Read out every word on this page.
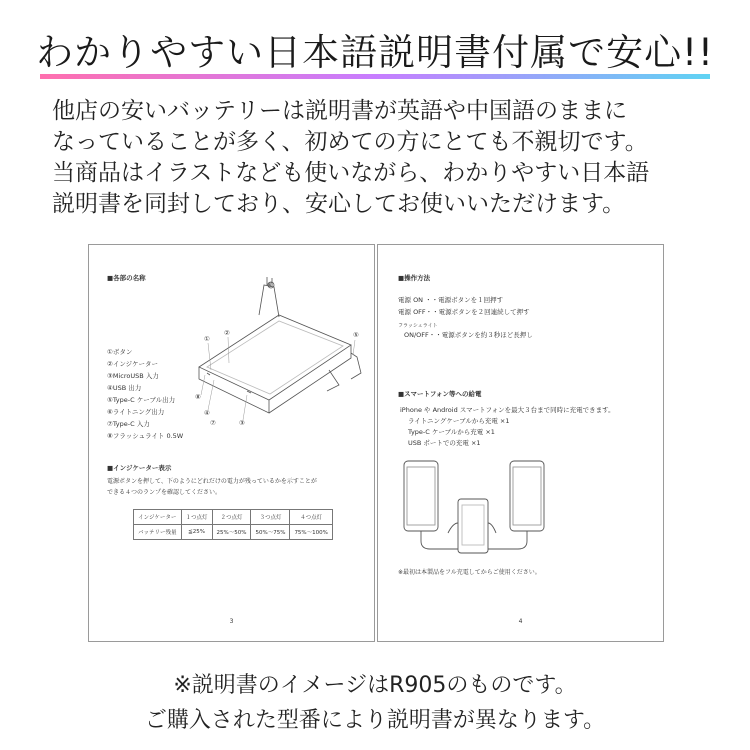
わかりやすい日本語説明書付属で安心!!
他店の安いバッテリーは説明書が英語や中国語のままに
なっていることが多く、初めての方にとても不親切です。
当商品はイラストなども使いながら、わかりやすい日本語
説明書を同封しており、安心してお使いいただけます。
■各部の名称
①
②
⑥
⑤
⑧
④
⑦	③
①ボタン
②インジケーター
③MicroUSB 入力
④USB 出力
⑤Type-C ケーブル出力
⑥ライトニング出力
⑦Type-C 入力
⑧フラッシュライト 0.5W
■インジケーター表示
電源ボタンを押して、下のようにどれだけの電力が残っているかを示すことが
できる４つのランプを確認してください。
インジケーター	１つ点灯	２つ点灯	３つ点灯	４つ点灯
バッテリー残量	≦25%	25%〜50%	50%〜75%	75%〜100%
3
■操作方法
電源 ON ・・電源ボタンを１回押す
電源 OFF・・電源ボタンを２回連続して押す
フラッシュライト
ON/OFF・・電源ボタンを約３秒ほど長押し
■スマートフォン等への給電
iPhone や Android スマートフォンを最大３台まで同時に充電できます。
ライトニングケーブルから充電 ×1
Type-C ケーブルから充電 ×1
USB ポートでの充電 ×1
※最初は本製品をフル充電してからご使用ください。
4
※説明書のイメージはR905のものです。
ご購入された型番により説明書が異なります。
